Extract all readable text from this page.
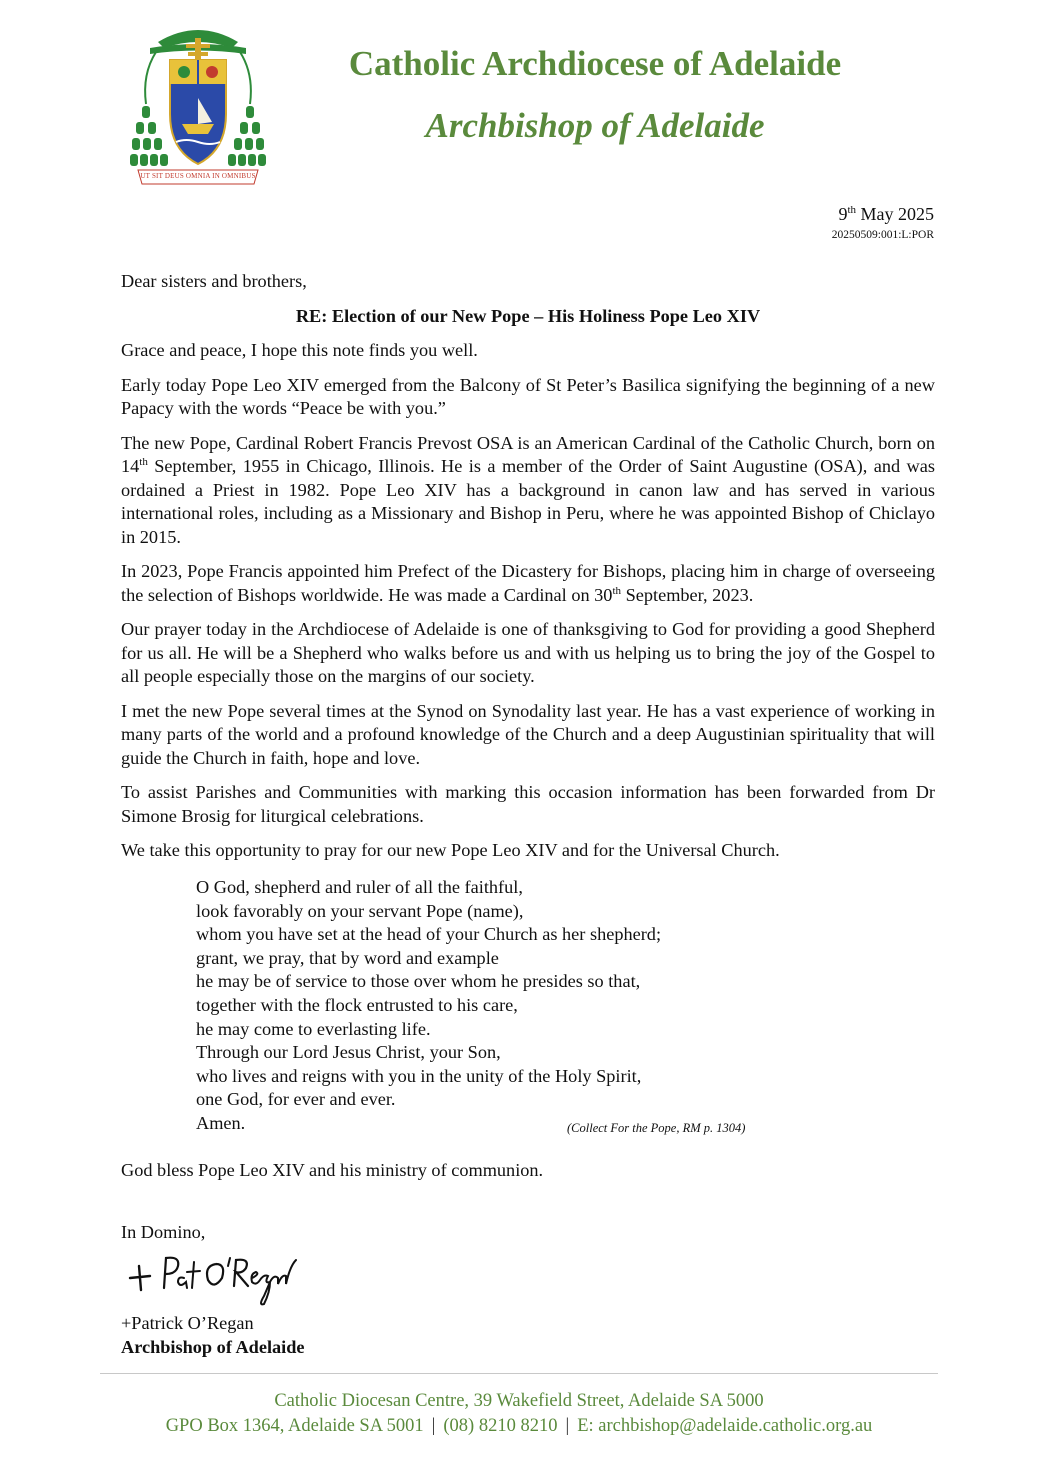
UT SIT DEUS OMNIA IN OMNIBUS
Catholic Archdiocese of Adelaide
Archbishop of Adelaide
9th May 2025
20250509:001:L:POR

Dear sisters and brothers,

RE: Election of our New Pope – His Holiness Pope Leo XIV

Grace and peace, I hope this note finds you well.

Early today Pope Leo XIV emerged from the Balcony of St Peter’s Basilica signifying the beginning of a new Papacy with the words “Peace be with you.”

The new Pope, Cardinal Robert Francis Prevost OSA is an American Cardinal of the Catholic Church, born on 14th September, 1955 in Chicago, Illinois. He is a member of the Order of Saint Augustine (OSA), and was ordained a Priest in 1982. Pope Leo XIV has a background in canon law and has served in various international roles, including as a Missionary and Bishop in Peru, where he was appointed Bishop of Chiclayo in 2015.

In 2023, Pope Francis appointed him Prefect of the Dicastery for Bishops, placing him in charge of overseeing the selection of Bishops worldwide. He was made a Cardinal on 30th September, 2023.

Our prayer today in the Archdiocese of Adelaide is one of thanksgiving to God for providing a good Shepherd for us all. He will be a Shepherd who walks before us and with us helping us to bring the joy of the Gospel to all people especially those on the margins of our society.

I met the new Pope several times at the Synod on Synodality last year. He has a vast experience of working in many parts of the world and a profound knowledge of the Church and a deep Augustinian spirituality that will guide the Church in faith, hope and love.

To assist Parishes and Communities with marking this occasion information has been forwarded from Dr Simone Brosig for liturgical celebrations.

We take this opportunity to pray for our new Pope Leo XIV and for the Universal Church.

O God, shepherd and ruler of all the faithful,
look favorably on your servant Pope (name),
whom you have set at the head of your Church as her shepherd;
grant, we pray, that by word and example
he may be of service to those over whom he presides so that,
together with the flock entrusted to his care,
he may come to everlasting life.
Through our Lord Jesus Christ, your Son,
who lives and reigns with you in the unity of the Holy Spirit,
one God, for ever and ever.
Amen.	(Collect For the Pope, RM p. 1304)
God bless Pope Leo XIV and his ministry of communion.
In Domino,
+Patrick O’Regan
Archbishop of Adelaide
Catholic Diocesan Centre, 39 Wakefield Street, Adelaide SA 5000
GPO Box 1364, Adelaide SA 5001 | (08) 8210 8210 | E: archbishop@adelaide.catholic.org.au
